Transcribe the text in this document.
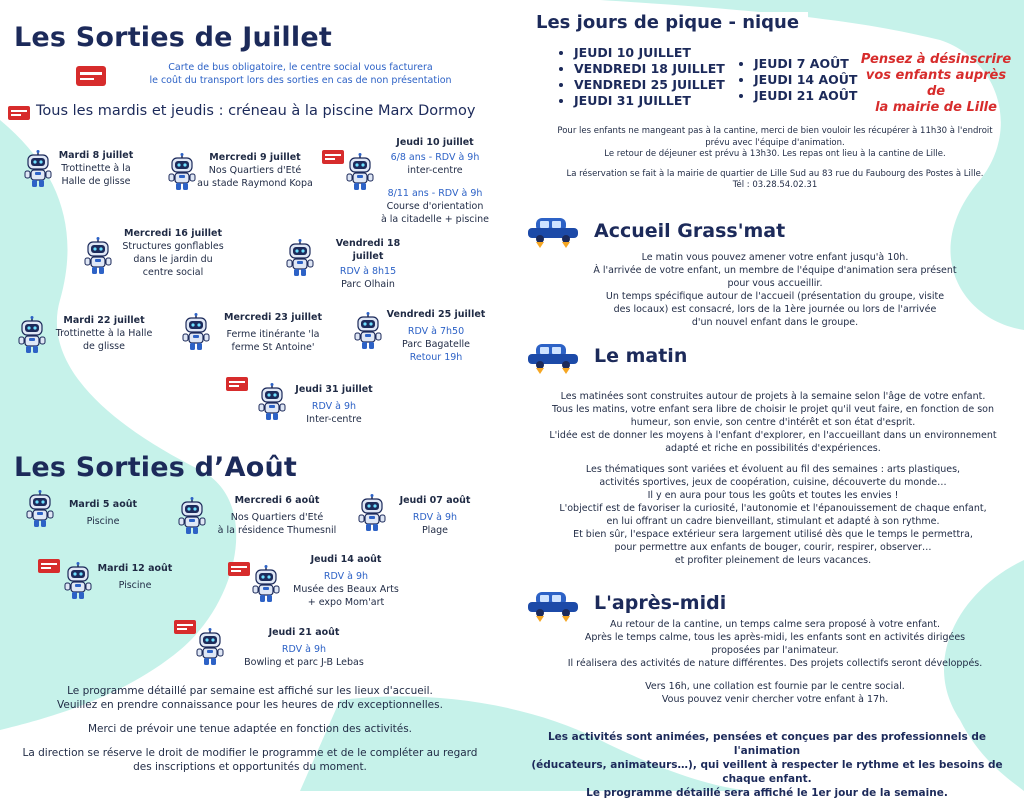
Les Sorties de Juillet
Carte de bus obligatoire, le centre social vous facturera
le coût du transport lors des sorties en cas de non présentation
Tous les mardis et jeudis : créneau à la piscine Marx Dormoy
Mardi 8 juillet
Trottinette à la
Halle de glisse
Mercredi 9 juillet
Nos Quartiers d'Eté
au stade Raymond Kopa
Jeudi 10 juillet
6/8 ans - RDV à 9h
inter-centre
8/11 ans - RDV à 9h
Course d'orientation
à la citadelle + piscine
Mercredi 16 juillet
Structures gonflables
dans le jardin du
centre social
Vendredi 18 juillet
RDV à 8h15
Parc Olhain
Mardi 22 juillet
Trottinette à la Halle
de glisse
Mercredi 23 juillet
Ferme itinérante 'la
ferme St Antoine'
Vendredi 25 juillet
RDV à 7h50
Parc Bagatelle
Retour 19h
Jeudi 31 juillet
RDV à 9h
Inter-centre
Les Sorties d’Août
Mardi 5 août
Piscine
Mercredi 6 août
Nos Quartiers d'Eté
à la résidence Thumesnil
Jeudi 07 août
RDV à 9h
Plage
Mardi 12 août
Piscine
Jeudi 14 août
RDV à 9h
Musée des Beaux Arts
+ expo Mom'art
Jeudi 21 août
RDV à 9h
Bowling et parc J-B Lebas
Le programme détaillé par semaine est affiché sur les lieux d'accueil.
Veuillez en prendre connaissance pour les heures de rdv exceptionnelles.
Merci de prévoir une tenue adaptée en fonction des activités.
La direction se réserve le droit de modifier le programme et de le compléter au regard
des inscriptions et opportunités du moment.
Les jours de pique - nique
• JEUDI 10 JUILLET
• VENDREDI 18 JUILLET
• VENDREDI 25 JUILLET
• JEUDI 31 JUILLET
• JEUDI 7 AOÛT
• JEUDI 14 AOÛT
• JEUDI 21 AOÛT
Pensez à désinscrire
vos enfants auprès de
la mairie de Lille
Pour les enfants ne mangeant pas à la cantine, merci de bien vouloir les récupérer à 11h30 à l'endroit
prévu avec l'équipe d'animation.
Le retour de déjeuner est prévu à 13h30. Les repas ont lieu à la cantine de Lille.
La réservation se fait à la mairie de quartier de Lille Sud au 83 rue du Faubourg des Postes à Lille.
Tél : 03.28.54.02.31
Accueil Grass'mat
Le matin vous pouvez amener votre enfant jusqu'à 10h.
À l'arrivée de votre enfant, un membre de l'équipe d'animation sera présent
pour vous accueillir.
Un temps spécifique autour de l'accueil (présentation du groupe, visite
des locaux) est consacré, lors de la 1ère journée ou lors de l'arrivée
d'un nouvel enfant dans le groupe.
Le matin
Les matinées sont construites autour de projets à la semaine selon l'âge de votre enfant.
Tous les matins, votre enfant sera libre de choisir le projet qu'il veut faire, en fonction de son
humeur, son envie, son centre d'intérêt et son état d'esprit.
L'idée est de donner les moyens à l'enfant d'explorer, en l'accueillant dans un environnement
adapté et riche en possibilités d'expériences.
Les thématiques sont variées et évoluent au fil des semaines : arts plastiques,
activités sportives, jeux de coopération, cuisine, découverte du monde…
Il y en aura pour tous les goûts et toutes les envies !
L'objectif est de favoriser la curiosité, l'autonomie et l'épanouissement de chaque enfant,
en lui offrant un cadre bienveillant, stimulant et adapté à son rythme.
Et bien sûr, l'espace extérieur sera largement utilisé dès que le temps le permettra,
pour permettre aux enfants de bouger, courir, respirer, observer…
et profiter pleinement de leurs vacances.
L'après-midi
Au retour de la cantine, un temps calme sera proposé à votre enfant.
Après le temps calme, tous les après-midi, les enfants sont en activités dirigées
proposées par l'animateur.
Il réalisera des activités de nature différentes. Des projets collectifs seront développés.
Vers 16h, une collation est fournie par le centre social.
Vous pouvez venir chercher votre enfant à 17h.
Les activités sont animées, pensées et conçues par des professionnels de l'animation
(éducateurs, animateurs…), qui veillent à respecter le rythme et les besoins de chaque enfant.
Le programme détaillé sera affiché le 1er jour de la semaine.
